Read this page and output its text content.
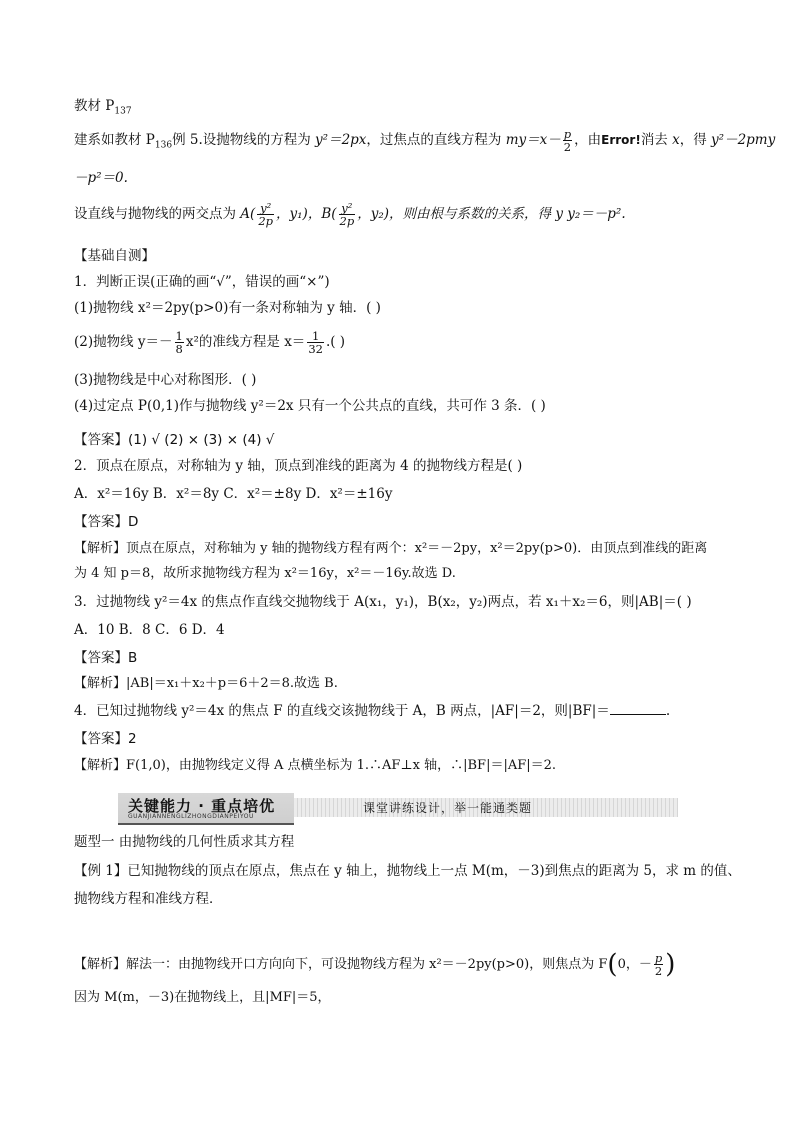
教材 $P_{137}$
建系如教材 $P_{136}$例 5.设抛物线的方程为 y²＝2px，过焦点的直线方程为 $my=x- \frac{p}{2}$ ，由Error!消去 x，得 y²－2pmy
－p²＝0.
设直线与抛物线的两交点为 $A( \frac{\text{y²}}{2p}$ ，y₁)，$B( \frac{\text{y²}}{2p}$ ，y₂)，则由根与系数的关系，得 y y₂＝－p².
【基础自测】
1．判断正误(正确的画“√”，错误的画“×”)
(1)抛物线 x²＝2py(p>0)有一条对称轴为 y 轴．( )
(2)抛物线 $y=- \frac{1}{8} x^2$的准线方程是 $x= \frac{1}{32}$ .( )
(3)抛物线是中心对称图形．( )
(4)过定点 P(0,1)作与抛物线 y²＝2x 只有一个公共点的直线，共可作 3 条．( )
【答案】(1) √ (2) × (3) × (4) √
2．顶点在原点，对称轴为 y 轴，顶点到准线的距离为 4 的抛物线方程是( )
A．x²＝16y B．x²＝8y C．x²＝±8y D．x²＝±16y
【答案】D
【解析】顶点在原点，对称轴为 y 轴的抛物线方程有两个：x²＝－2py，x²＝2py(p>0)．由顶点到准线的距离
为 4 知 p＝8，故所求抛物线方程为 x²＝16y，x²＝－16y.故选 D.
3．过抛物线 y²＝4x 的焦点作直线交抛物线于 A(x₁，y₁)，B(x₂，y₂)两点，若 x₁＋x₂＝6，则|AB|＝( )
A．10 B．8 C．6 D．4
【答案】B
【解析】|AB|＝x₁＋x₂＋p＝6＋2＝8.故选 B.
4．已知过抛物线 y²＝4x 的焦点 F 的直线交该抛物线于 A，B 两点，|AF|＝2，则|BF|＝	.
【答案】2
【解析】F(1,0)，由抛物线定义得 A 点横坐标为 1.∴AF⊥x 轴，∴|BF|＝|AF|＝2.
关键能力 · 重点培优
GUANJIANNENGLIZHONGDIANPEIYOU
课堂讲练设计，举一能通类题
题型一 由抛物线的几何性质求其方程
【例 1】已知抛物线的顶点在原点，焦点在 y 轴上，抛物线上一点 M(m，－3)到焦点的距离为 5，求 m 的值、
抛物线方程和准线方程．
【解析】解法一：由抛物线开口方向向下，可设抛物线方程为 x²＝－2py(p>0)，则焦点为 F(0，－ $\frac{p}{2}$ )
因为 M(m，－3)在抛物线上，且|MF|＝5，
